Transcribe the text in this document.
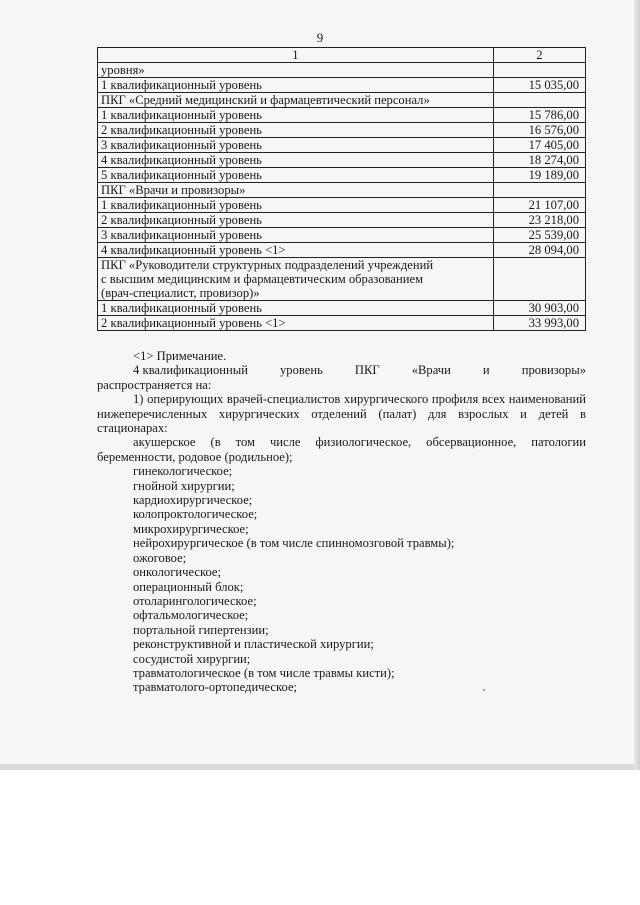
9
1	2
уровня»	
1 квалификационный уровень	15 035,00
ПКГ «Средний медицинский и фармацевтический персонал»	
1 квалификационный уровень	15 786,00
2 квалификационный уровень	16 576,00
3 квалификационный уровень	17 405,00
4 квалификационный уровень	18 274,00
5 квалификационный уровень	19 189,00
ПКГ «Врачи и провизоры»	
1 квалификационный уровень	21 107,00
2 квалификационный уровень	23 218,00
3 квалификационный уровень	25 539,00
4 квалификационный уровень <1>	28 094,00
ПКГ «Руководители структурных подразделений учреждений
с высшим медицинским и фармацевтическим образованием
(врач-специалист, провизор)»	
1 квалификационный уровень	30 903,00
2 квалификационный уровень <1>	33 993,00

<1> Примечание.

4 квалификационный	уровень	ПКГ	«Врачи	и	провизоры»

распространяется на:

1) оперирующих врачей-специалистов хирургического профиля всех наименований нижеперечисленных хирургических отделений (палат) для взрослых и детей в стационарах:

акушерское (в том числе физиологическое, обсервационное, патологии беременности, родовое (родильное);

гинекологическое;

гнойной хирургии;

кардиохирургическое;

колопроктологическое;

микрохирургическое;

нейрохирургическое (в том числе спинномозговой травмы);

ожоговое;

онкологическое;

операционный блок;

отоларингологическое;

офтальмологическое;

портальной гипертензии;

реконструктивной и пластической хирургии;

сосудистой хирургии;

травматологическое (в том числе травмы кисти);

травматолого-ортопедическое;
